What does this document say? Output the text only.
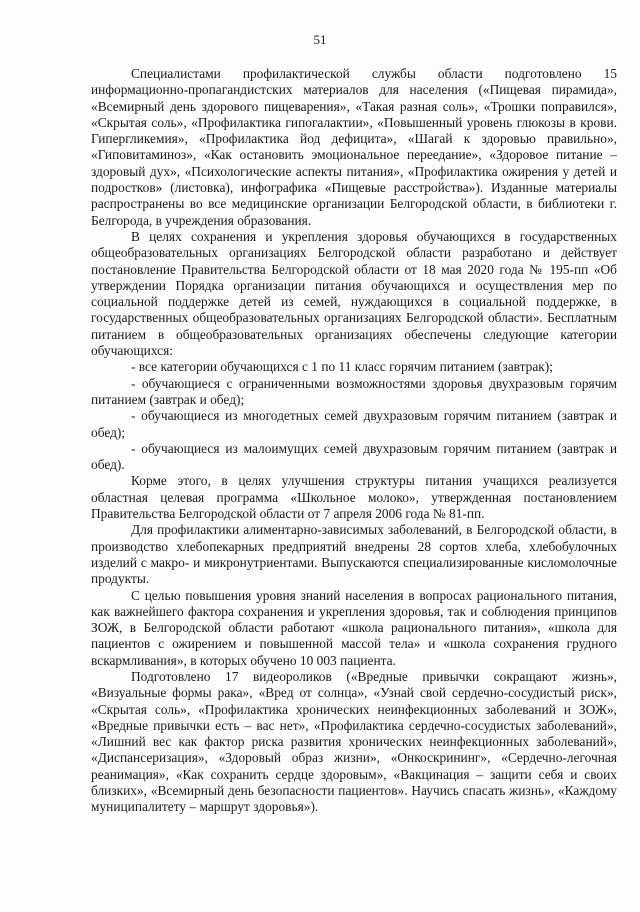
51

Специалистами профилактической службы области подготовлено 15 информационно-пропагандистских материалов для населения («Пищевая пирамида», «Всемирный день здорового пищеварения», «Такая разная соль», «Трошки поправился», «Скрытая соль», «Профилактика гипогалактии», «Повышенный уровень глюкозы в крови. Гипергликемия», «Профилактика йод дефицита», «Шагай к здоровью правильно», «Гиповитаминоз», «Как остановить эмоциональное переедание», «Здоровое питание – здоровый дух», «Психологические аспекты питания», «Профилактика ожирения у детей и подростков» (листовка), инфографика «Пищевые расстройства»). Изданные материалы распространены во все медицинские организации Белгородской области, в библиотеки г. Белгорода, в учреждения образования.

В целях сохранения и укрепления здоровья обучающихся в государственных общеобразовательных организациях Белгородской области разработано и действует постановление Правительства Белгородской области от 18 мая 2020 года № 195-пп «Об утверждении Порядка организации питания обучающихся и осуществления мер по социальной поддержке детей из семей, нуждающихся в социальной поддержке, в государственных общеобразовательных организациях Белгородской области». Бесплатным питанием в общеобразовательных организациях обеспечены следующие категории обучающихся:

- все категории обучающихся с 1 по 11 класс горячим питанием (завтрак);

- обучающиеся с ограниченными возможностями здоровья двухразовым горячим питанием (завтрак и обед);

- обучающиеся из многодетных семей двухразовым горячим питанием (завтрак и обед);

- обучающиеся из малоимущих семей двухразовым горячим питанием (завтрак и обед).

Корме этого, в целях улучшения структуры питания учащихся реализуется областная целевая программа «Школьное молоко», утвержденная постановлением Правительства Белгородской области от 7 апреля 2006 года № 81-пп.

Для профилактики алиментарно-зависимых заболеваний, в Белгородской области, в производство хлебопекарных предприятий внедрены 28 сортов хлеба, хлебобулочных изделий с макро- и микронутриентами. Выпускаются специализированные кисломолочные продукты.

С целью повышения уровня знаний населения в вопросах рационального питания, как важнейшего фактора сохранения и укрепления здоровья, так и соблюдения принципов ЗОЖ, в Белгородской области работают «школа рационального питания», «школа для пациентов с ожирением и повышенной массой тела» и «школа сохранения грудного вскармливания», в которых обучено 10 003 пациента.

Подготовлено 17 видеороликов («Вредные привычки сокращают жизнь», «Визуальные формы рака», «Вред от солнца», «Узнай свой сердечно-сосудистый риск», «Скрытая соль», «Профилактика хронических неинфекционных заболеваний и ЗОЖ», «Вредные привычки есть – вас нет», «Профилактика сердечно-сосудистых заболеваний», «Лишний вес как фактор риска развития хронических неинфекционных заболеваний», «Диспансеризация», «Здоровый образ жизни», «Онкоскрининг», «Сердечно-легочная реанимация», «Как сохранить сердце здоровым», «Вакцинация – защити себя и своих близких», «Всемирный день безопасности пациентов». Научись спасать жизнь», «Каждому муниципалитету – маршрут здоровья»).
